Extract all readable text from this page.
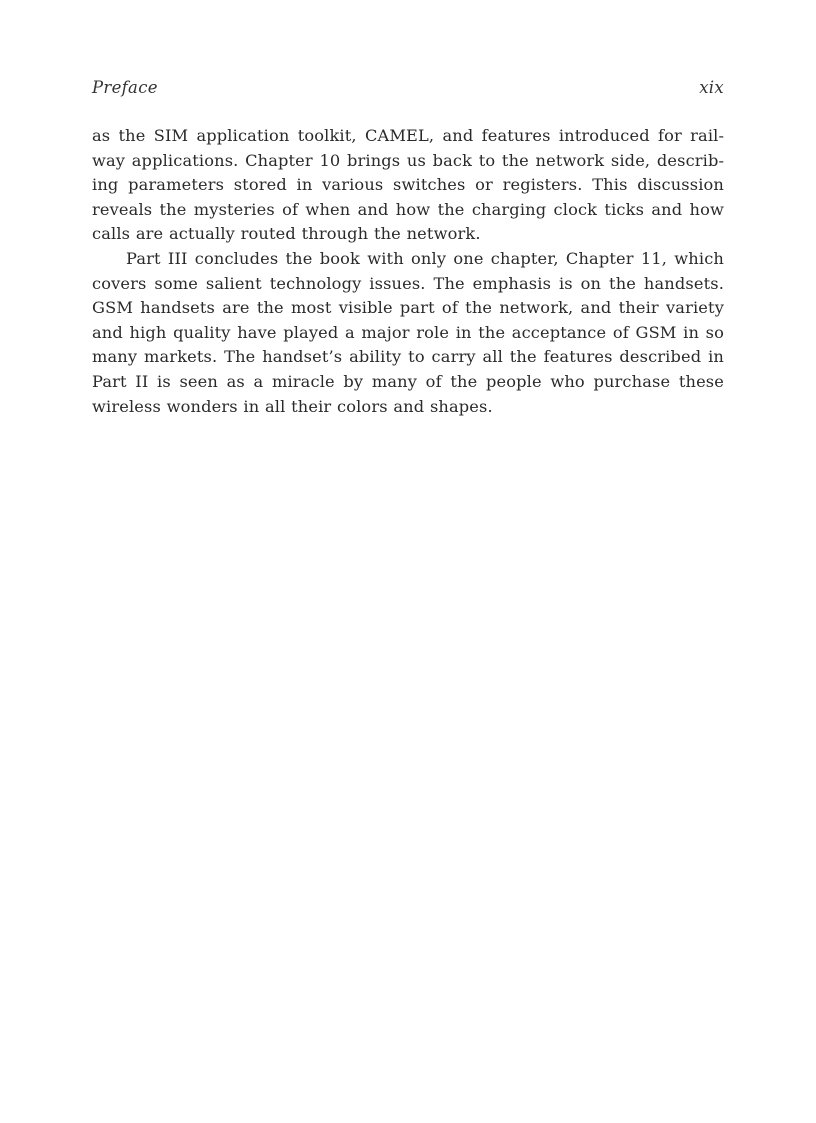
Preface	xix

as the SIM application toolkit, CAMEL, and features introduced for railway applications. Chapter 10 brings us back to the network side, describing parameters stored in various switches or registers. This discussion reveals the mysteries of when and how the charging clock ticks and how calls are actually routed through the network.

Part III concludes the book with only one chapter, Chapter 11, which covers some salient technology issues. The emphasis is on the handsets. GSM handsets are the most visible part of the network, and their variety and high quality have played a major role in the acceptance of GSM in so many markets. The handset’s ability to carry all the features described in Part II is seen as a miracle by many of the people who purchase these wireless wonders in all their colors and shapes.
